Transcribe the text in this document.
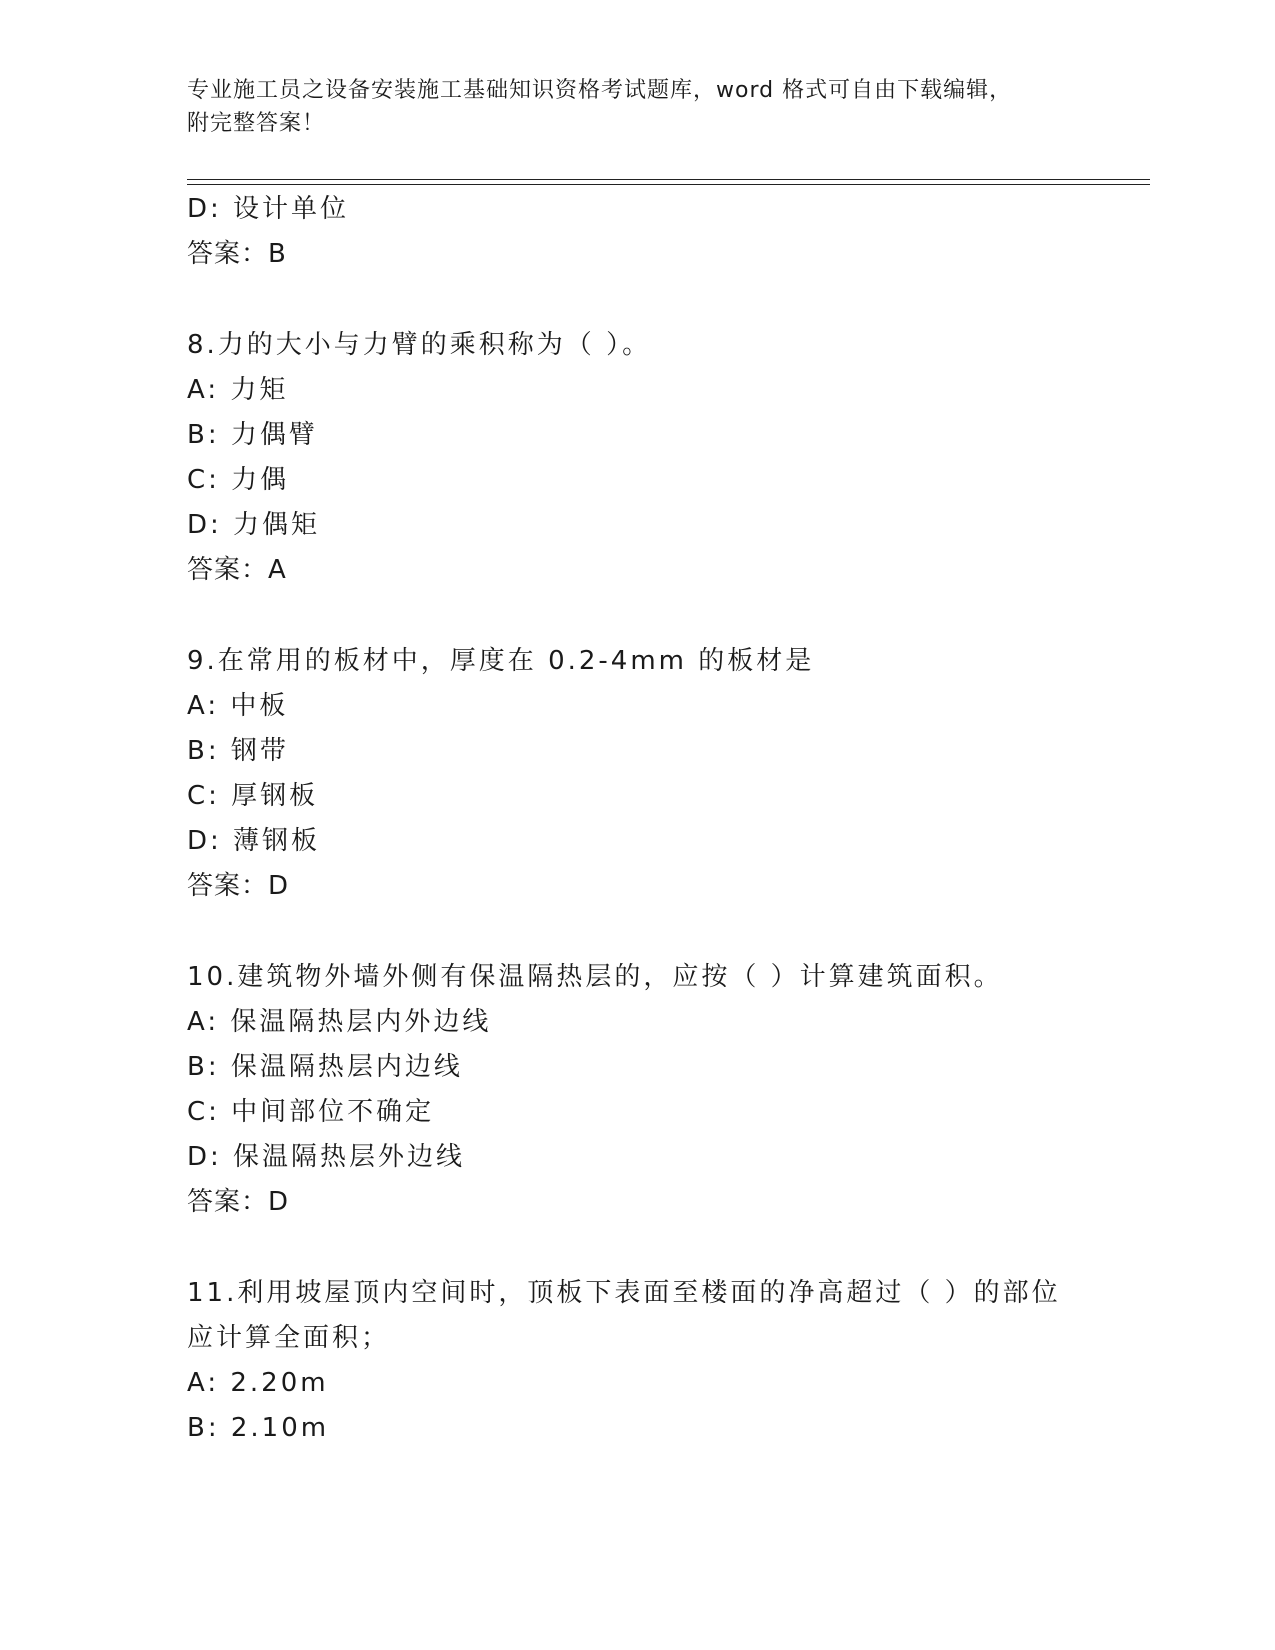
专业施工员之设备安装施工基础知识资格考试题库，word 格式可自由下载编辑，
附完整答案！
D: 设计单位
答案：B
8.力的大小与力臂的乘积称为（ ）。
A: 力矩
B: 力偶臂
C: 力偶
D: 力偶矩
答案：A
9.在常用的板材中，厚度在 0.2-4mm 的板材是
A: 中板
B: 钢带
C: 厚钢板
D: 薄钢板
答案：D
10.建筑物外墙外侧有保温隔热层的，应按（ ）计算建筑面积。
A: 保温隔热层内外边线
B: 保温隔热层内边线
C: 中间部位不确定
D: 保温隔热层外边线
答案：D
11.利用坡屋顶内空间时，顶板下表面至楼面的净高超过（ ）的部位
应计算全面积；
A: 2.20m
B: 2.10m
